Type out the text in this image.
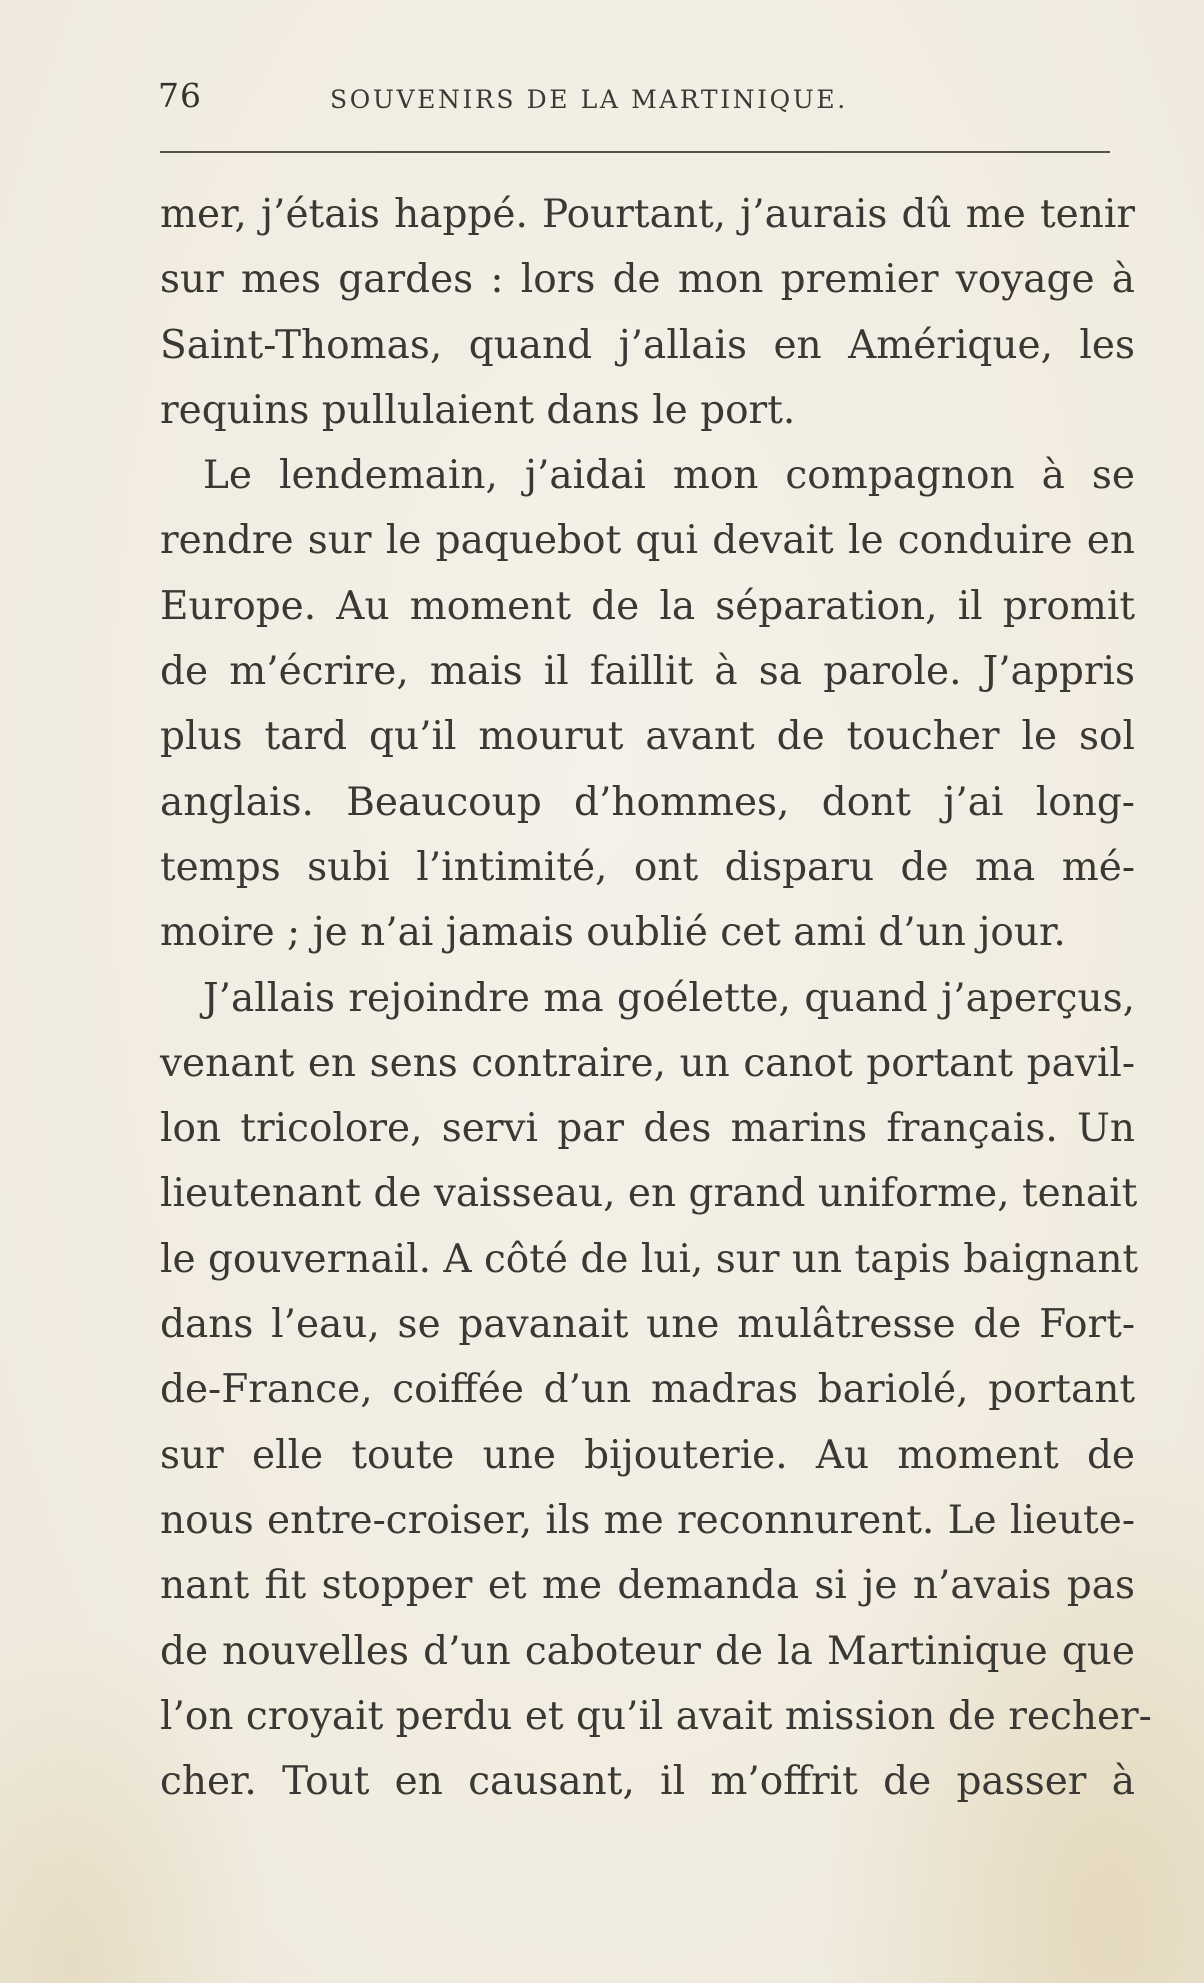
76	SOUVENIRS DE LA MARTINIQUE.
mer, j’étais happé. Pourtant, j’aurais dû me tenir
sur mes gardes : lors de mon premier voyage à
Saint-Thomas, quand j’allais en Amérique, les
requins pullulaient dans le port.
Le lendemain, j’aidai mon compagnon à se
rendre sur le paquebot qui devait le conduire en
Europe. Au moment de la séparation, il promit
de m’écrire, mais il faillit à sa parole. J’appris
plus tard qu’il mourut avant de toucher le sol
anglais. Beaucoup d’hommes, dont j’ai long-
temps subi l’intimité, ont disparu de ma mé-
moire ; je n’ai jamais oublié cet ami d’un jour.
J’allais rejoindre ma goélette, quand j’aperçus,
venant en sens contraire, un canot portant pavil-
lon tricolore, servi par des marins français. Un
lieutenant de vaisseau, en grand uniforme, tenait
le gouvernail. A côté de lui, sur un tapis baignant
dans l’eau, se pavanait une mulâtresse de Fort-
de-France, coiffée d’un madras bariolé, portant
sur elle toute une bijouterie. Au moment de
nous entre-croiser, ils me reconnurent. Le lieute-
nant fit stopper et me demanda si je n’avais pas
de nouvelles d’un caboteur de la Martinique que
l’on croyait perdu et qu’il avait mission de recher-
cher. Tout en causant, il m’offrit de passer à
